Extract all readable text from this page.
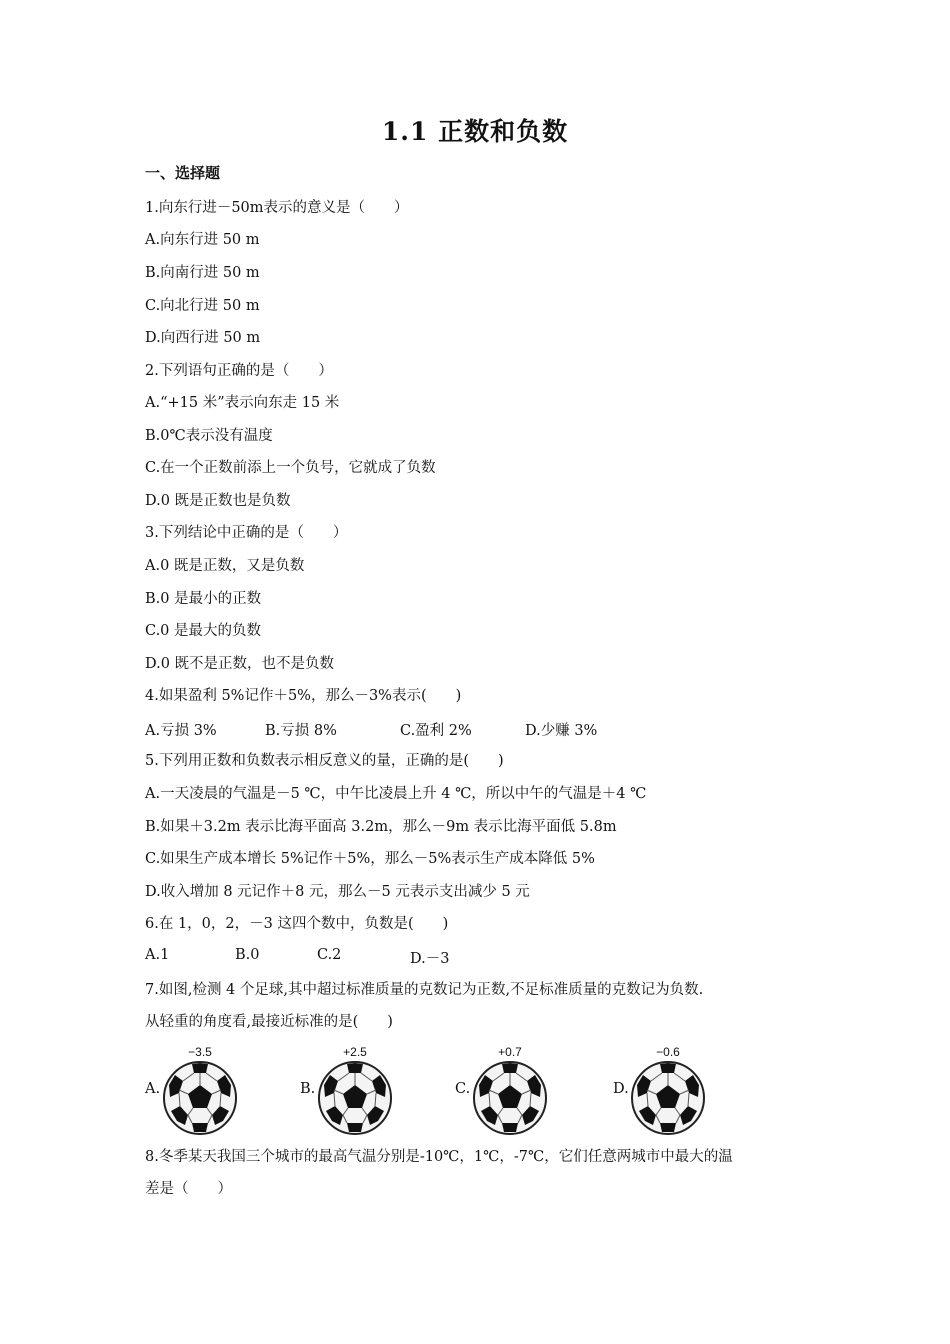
1.1 正数和负数
一、选择题
1.向东行进－50m表示的意义是（　　）
A.向东行进 50 m
B.向南行进 50 m
C.向北行进 50 m
D.向西行进 50 m
2.下列语句正确的是（　　）
A.“+15 米”表示向东走 15 米
B.0℃表示没有温度
C.在一个正数前添上一个负号，它就成了负数
D.0 既是正数也是负数
3.下列结论中正确的是（　　）
A.0 既是正数，又是负数
B.0 是最小的正数
C.0 是最大的负数
D.0 既不是正数，也不是负数
4.如果盈利 5%记作＋5%，那么－3%表示(　　)
A.亏损 3%	B.亏损 8%	C.盈利 2%	D.少赚 3%
5.下列用正数和负数表示相反意义的量，正确的是(　　)
A.一天凌晨的气温是－5 ℃，中午比凌晨上升 4 ℃，所以中午的气温是＋4 ℃
B.如果＋3.2m 表示比海平面高 3.2m，那么－9m 表示比海平面低 5.8m
C.如果生产成本增长 5%记作＋5%，那么－5%表示生产成本降低 5%
D.收入增加 8 元记作＋8 元，那么－5 元表示支出减少 5 元
6.在 1，0，2，－3 这四个数中，负数是(　　)
A.1	B.0	C.2	D.－3
7.如图,检测 4 个足球,其中超过标准质量的克数记为正数,不足标准质量的克数记为负数.
从轻重的角度看,最接近标准的是(　　)
A.
−3.5
B.
+2.5
C.
+0.7
D.
−0.6
8.冬季某天我国三个城市的最高气温分别是-10℃，1℃，-7℃，它们任意两城市中最大的温
差是（　　）
